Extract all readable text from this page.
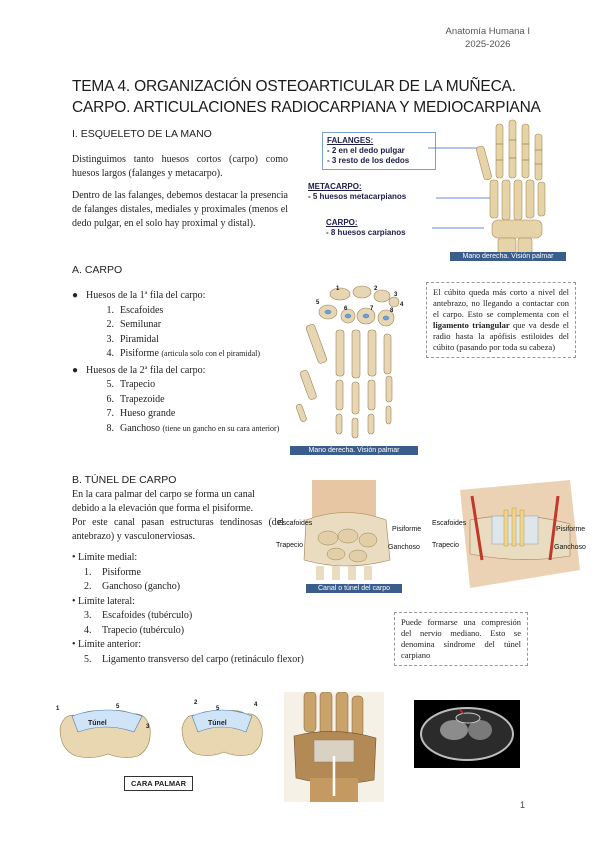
Anatomía Humana I
2025-2026
TEMA 4. ORGANIZACIÓN OSTEOARTICULAR DE LA MUÑECA. CARPO. ARTICULACIONES RADIOCARPIANA Y MEDIOCARPIANA
I. ESQUELETO DE LA MANO

Distinguimos tanto huesos cortos (carpo) como huesos largos (falanges y metacarpo).

Dentro de las falanges, debemos destacar la presencia de falanges distales, mediales y proximales (menos el dedo pulgar, en el solo hay proximal y distal).

FALANGES:
- 2 en el dedo pulgar
- 3 resto de los dedos
METACARPO:
- 5 huesos metacarpianos
CARPO:
- 8 huesos carpianos
Mano derecha. Visión palmar
A. CARPO
● Huesos de la 1ª fila del carpo:
1. Escafoides
2. Semilunar
3. Piramidal
4. Pisiforme (articula solo con el piramidal)
● Huesos de la 2ª fila del carpo:
5. Trapecio
6. Trapezoide
7. Hueso grande
8. Ganchoso (tiene un gancho en su cara anterior)
1	2
3
4
5
6	7	8
Mano derecha. Visión palmar
El cúbito queda más corto a nivel del antebrazo, no llegando a contactar con el carpo. Esto se complementa con el ligamento triangular que va desde el radio hasta la apófisis estiloides del cúbito (pasando por toda su cabeza)
B. TÚNEL DE CARPO

En la cara palmar del carpo se forma un canal debido a la elevación que forma el pisiforme.

Por este canal pasan estructuras tendinosas (del antebrazo) y vasculonerviosas.

• Límite medial:
1. Pisiforme
2. Ganchoso (gancho)
• Límite lateral:
3. Escafoides (tubérculo)
4. Trapecio (tubérculo)
• Límite anterior:
5. Ligamento transverso del carpo (retináculo flexor)
Escafoides
Pisiforme
Trapecio	Ganchoso
Canal o túnel del carpo
Escafoides
Pisiforme
Trapecio	Ganchoso
Puede formarse una compresión del nervio mediano. Esto se denomina síndrome del túnel carpiano
1	5
3
Túnel
2
5
4
Túnel
CARA PALMAR
1
